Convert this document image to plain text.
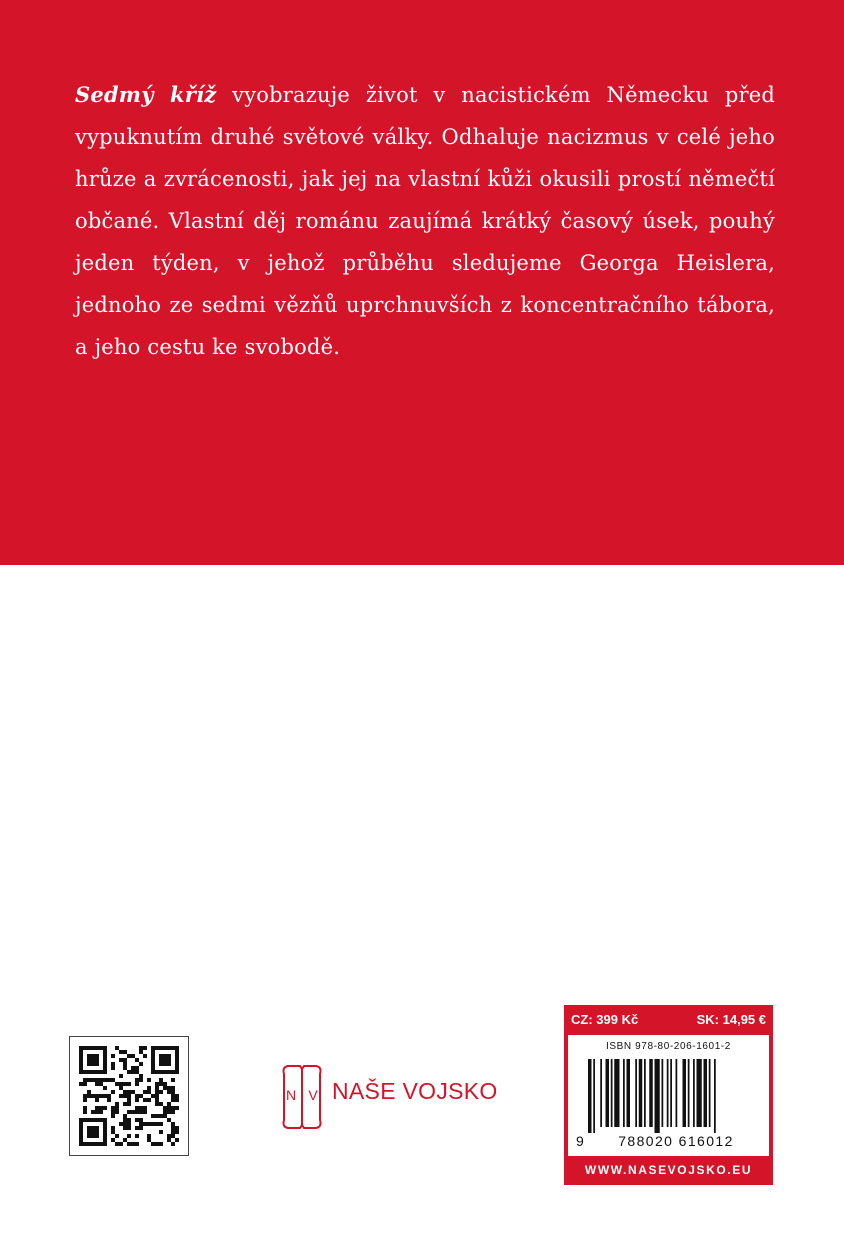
Sedmý kříž vyobrazuje život v nacistickém Německu před vypuknutím druhé světové války. Odhaluje nacizmus v celé jeho hrůze a zvrácenosti, jak jej na vlastní kůži okusili prostí němečtí občané. Vlastní děj románu zaujímá krátký časový úsek, pouhý jeden týden, v jehož průběhu sledujeme Georga Heislera, jednoho ze sedmi vězňů uprchnuvších z koncentračního tábora, a jeho cestu ke svobodě.

N V NAŠE VOJSKO
CZ: 399 Kč	SK: 14,95 €
ISBN 978-80-206-1601-2
9	788020 616012
WWW.NASEVOJSKO.EU
